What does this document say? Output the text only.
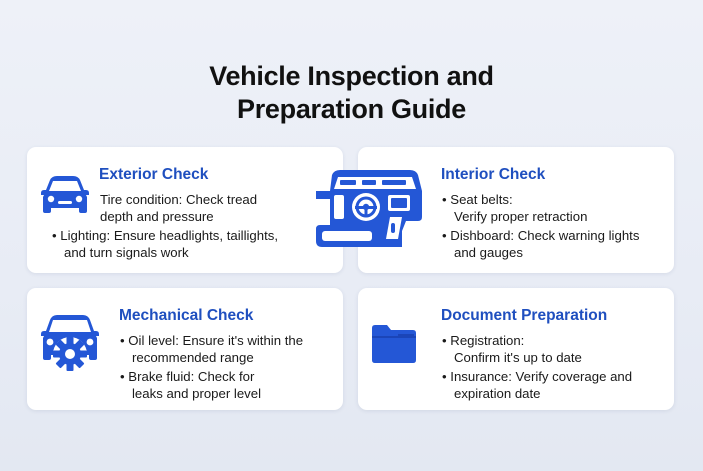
Vehicle Inspection and
Preparation Guide
Exterior Check
Tire condition: Check tread
depth and pressure
• Lighting: Ensure headlights, taillights,
and turn signals work
Interior Check
• Seat belts:
Verify proper retraction
• Dishboard: Check warning lights
and gauges
Mechanical Check
• Oil level: Ensure it's within the
recommended range
• Brake fluid: Check for
leaks and proper level
Document Preparation
• Registration:
Confirm it's up to date
• Insurance: Verify coverage and
expiration date
